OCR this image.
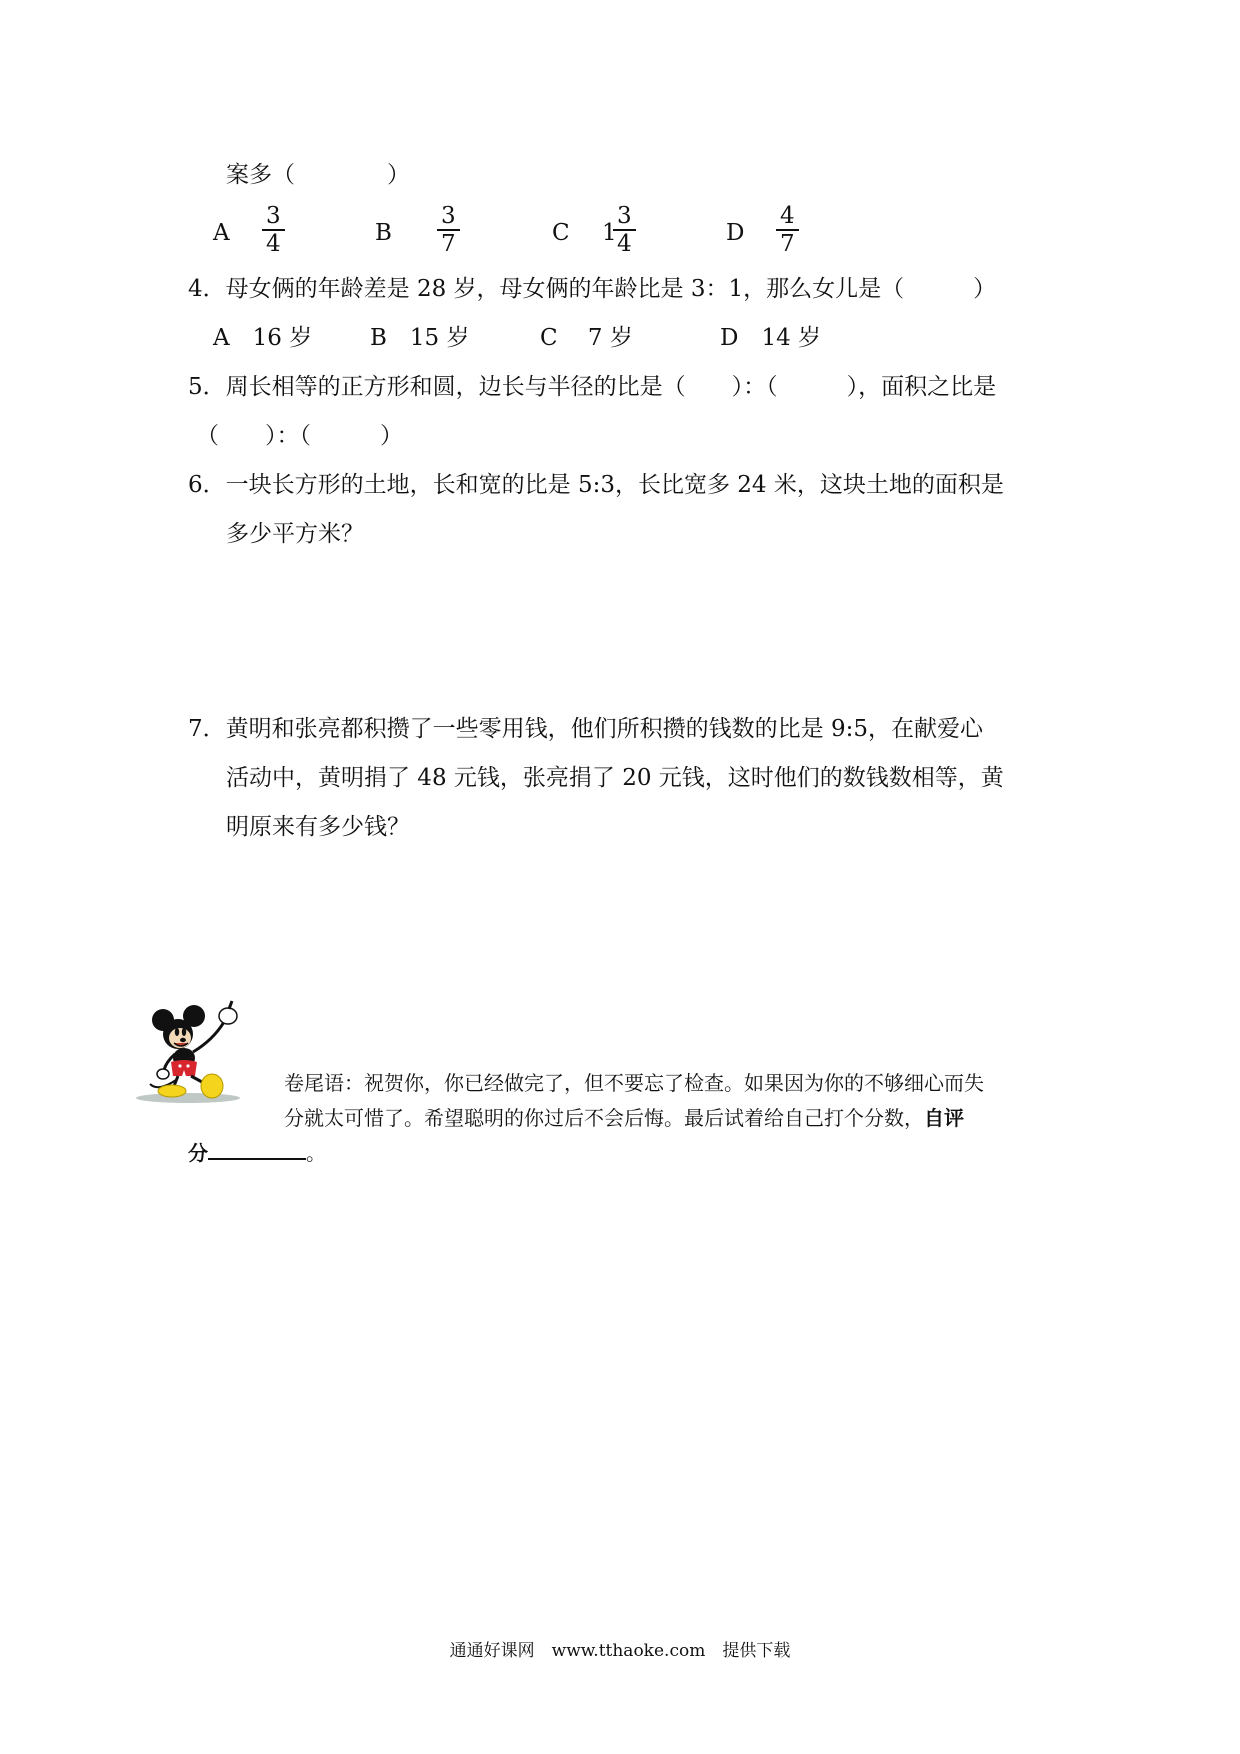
案多（　　　　）
A $\frac{3}{4}$	B $\frac{3}{7}$	C 1
$\frac{3}{4}$	D $\frac{4}{7}$
4．母女俩的年龄差是 28 岁，母女俩的年龄比是 3：1，那么女儿是（　　　）
A　16 岁	B　15 岁	C　 7 岁	D　14 岁
5．周长相等的正方形和圆，边长与半径的比是（　　）：（　　　），面积之比是
（　　）：（　　　）
6．一块长方形的土地，长和宽的比是 5:3，长比宽多 24 米，这块土地的面积是
多少平方米？
7．黄明和张亮都积攒了一些零用钱，他们所积攒的钱数的比是 9:5，在献爱心
活动中，黄明捐了 48 元钱，张亮捐了 20 元钱，这时他们的数钱数相等，黄
明原来有多少钱？
卷尾语：祝贺你，你已经做完了，但不要忘了检查。如果因为你的不够细心而失
分就太可惜了。希望聪明的你过后不会后悔。最后试着给自己打个分数，自评
分	。
通通好课网　www.tthaoke.com　提供下载
